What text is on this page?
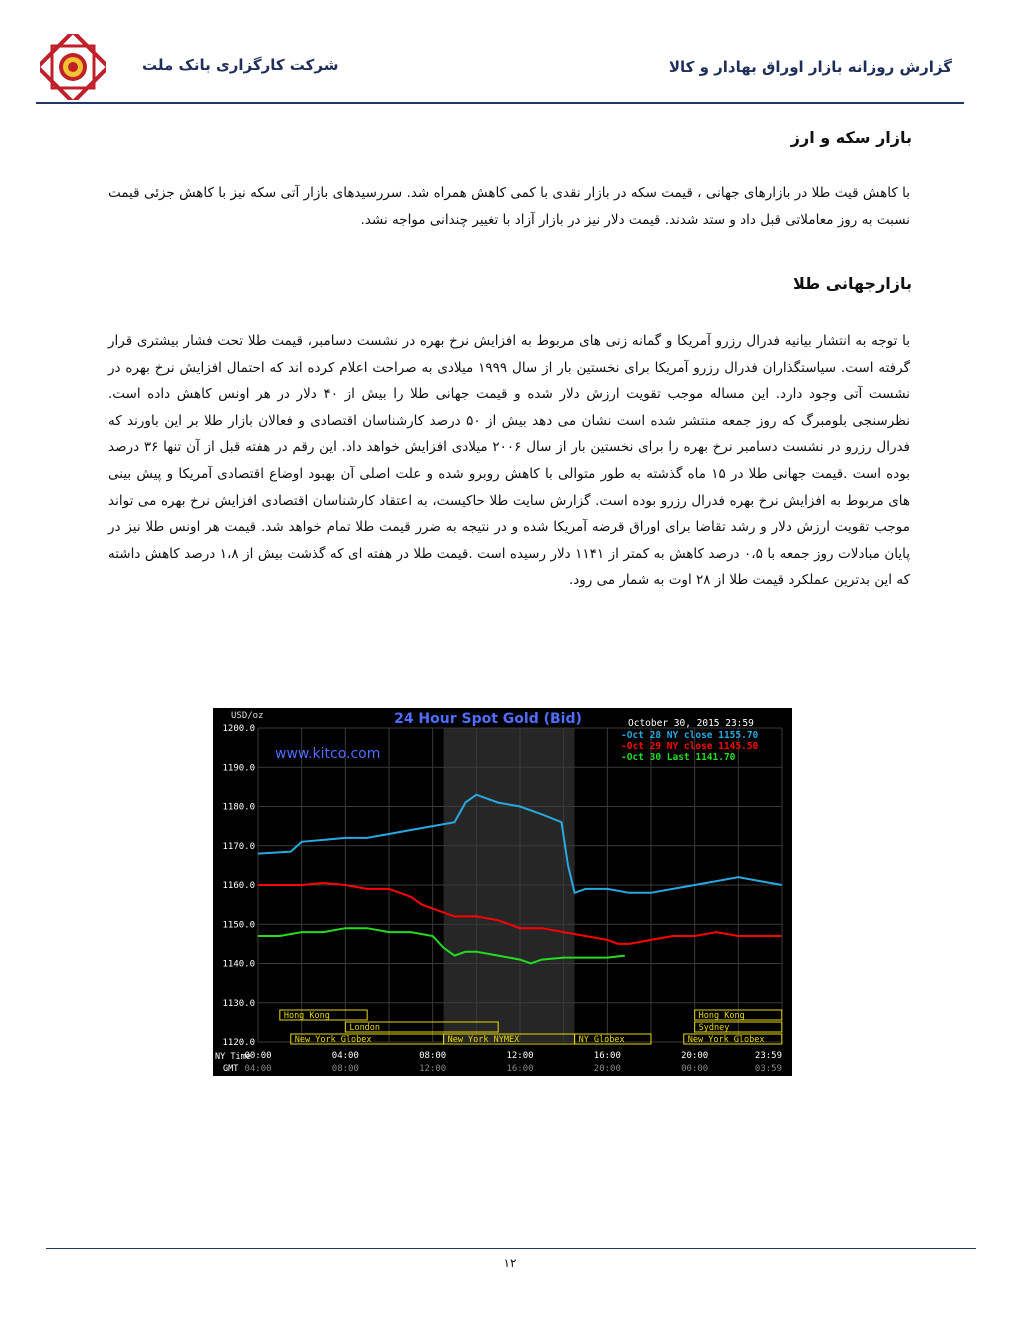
شرکت کارگزاری بانک ملت	گزارش روزانه بازار اوراق بهادار و کالا
بازار سکه و ارز
با کاهش قیت طلا در بازارهای جهانی ، قیمت سکه در بازار نقدی با کمی کاهش همراه شد. سررسیدهای بازار آتی سکه نیز با کاهش جزئی قیمت نسبت به روز معاملاتی قبل داد و ستد شدند. قیمت دلار نیز در بازار آزاد با تغییر چندانی مواجه نشد.
بازارجهانی طلا
با توجه به انتشار بیانیه فدرال رزرو آمریکا و گمانه زنی های مربوط به افزایش نرخ بهره در نشست دسامبر، قیمت طلا تحت فشار بیشتری قرار گرفته است. سیاستگذاران فدرال رزرو آمریکا برای نخستین بار از سال ۱۹۹۹ میلادی به صراحت اعلام کرده اند که احتمال افزایش نرخ بهره در نشست آتی وجود دارد. این مساله موجب تقویت ارزش دلار شده و قیمت جهانی طلا را بیش از ۴۰ دلار در هر اونس کاهش داده است. نظرسنجی بلومبرگ که روز جمعه منتشر شده است نشان می دهد بیش از ۵۰ درصد کارشناسان اقتصادی و فعالان بازار طلا بر این باورند که فدرال رزرو در نشست دسامبر نرخ بهره را برای نخستین بار از سال ۲۰۰۶ میلادی افزایش خواهد داد. این رقم در هفته قبل از آن تنها ۳۶ درصد بوده است .قیمت جهانی طلا در ۱۵ ماه گذشته به طور متوالی با کاهش روبرو شده و علت اصلی آن بهبود اوضاع اقتصادی آمریکا و پیش بینی های مربوط به افزایش نرخ بهره فدرال رزرو بوده است. گزارش سایت طلا حاکیست، به اعتقاد کارشناسان اقتصادی افزایش نرخ بهره می تواند موجب تقویت ارزش دلار و رشد تقاضا برای اوراق قرضه آمریکا شده و در نتیجه به ضرر قیمت طلا تمام خواهد شد. قیمت هر اونس طلا نیز در پایان مبادلات روز جمعه با ۰،۵ درصد کاهش به کمتر از ۱۱۴۱ دلار رسیده است .قیمت طلا در هفته ای که گذشت بیش از ۱،۸ درصد کاهش داشته که این بدترین عملکرد قیمت طلا از ۲۸ اوت به شمار می رود.
1200.0
1190.0
1180.0
1170.0
1160.0
1150.0
1140.0
1130.0
1120.0
00:00	04:00	08:00	12:00	16:00	20:00	23:59
04:00	08:00	12:00	16:00	20:00	00:00	03:59
Hong Kong	Hong Kong
Sydney
London
New York Globex	New York NYMEX	NY Globex	New York Globex
-Oct 28 NY close 1155.70
-Oct 29 NY close 1145.50
-Oct 30 Last 1141.70
USD/oz	24 Hour Spot Gold (Bid)	October 30, 2015 23:59
www.kitco.com
NY Time
GMT
۱۲
